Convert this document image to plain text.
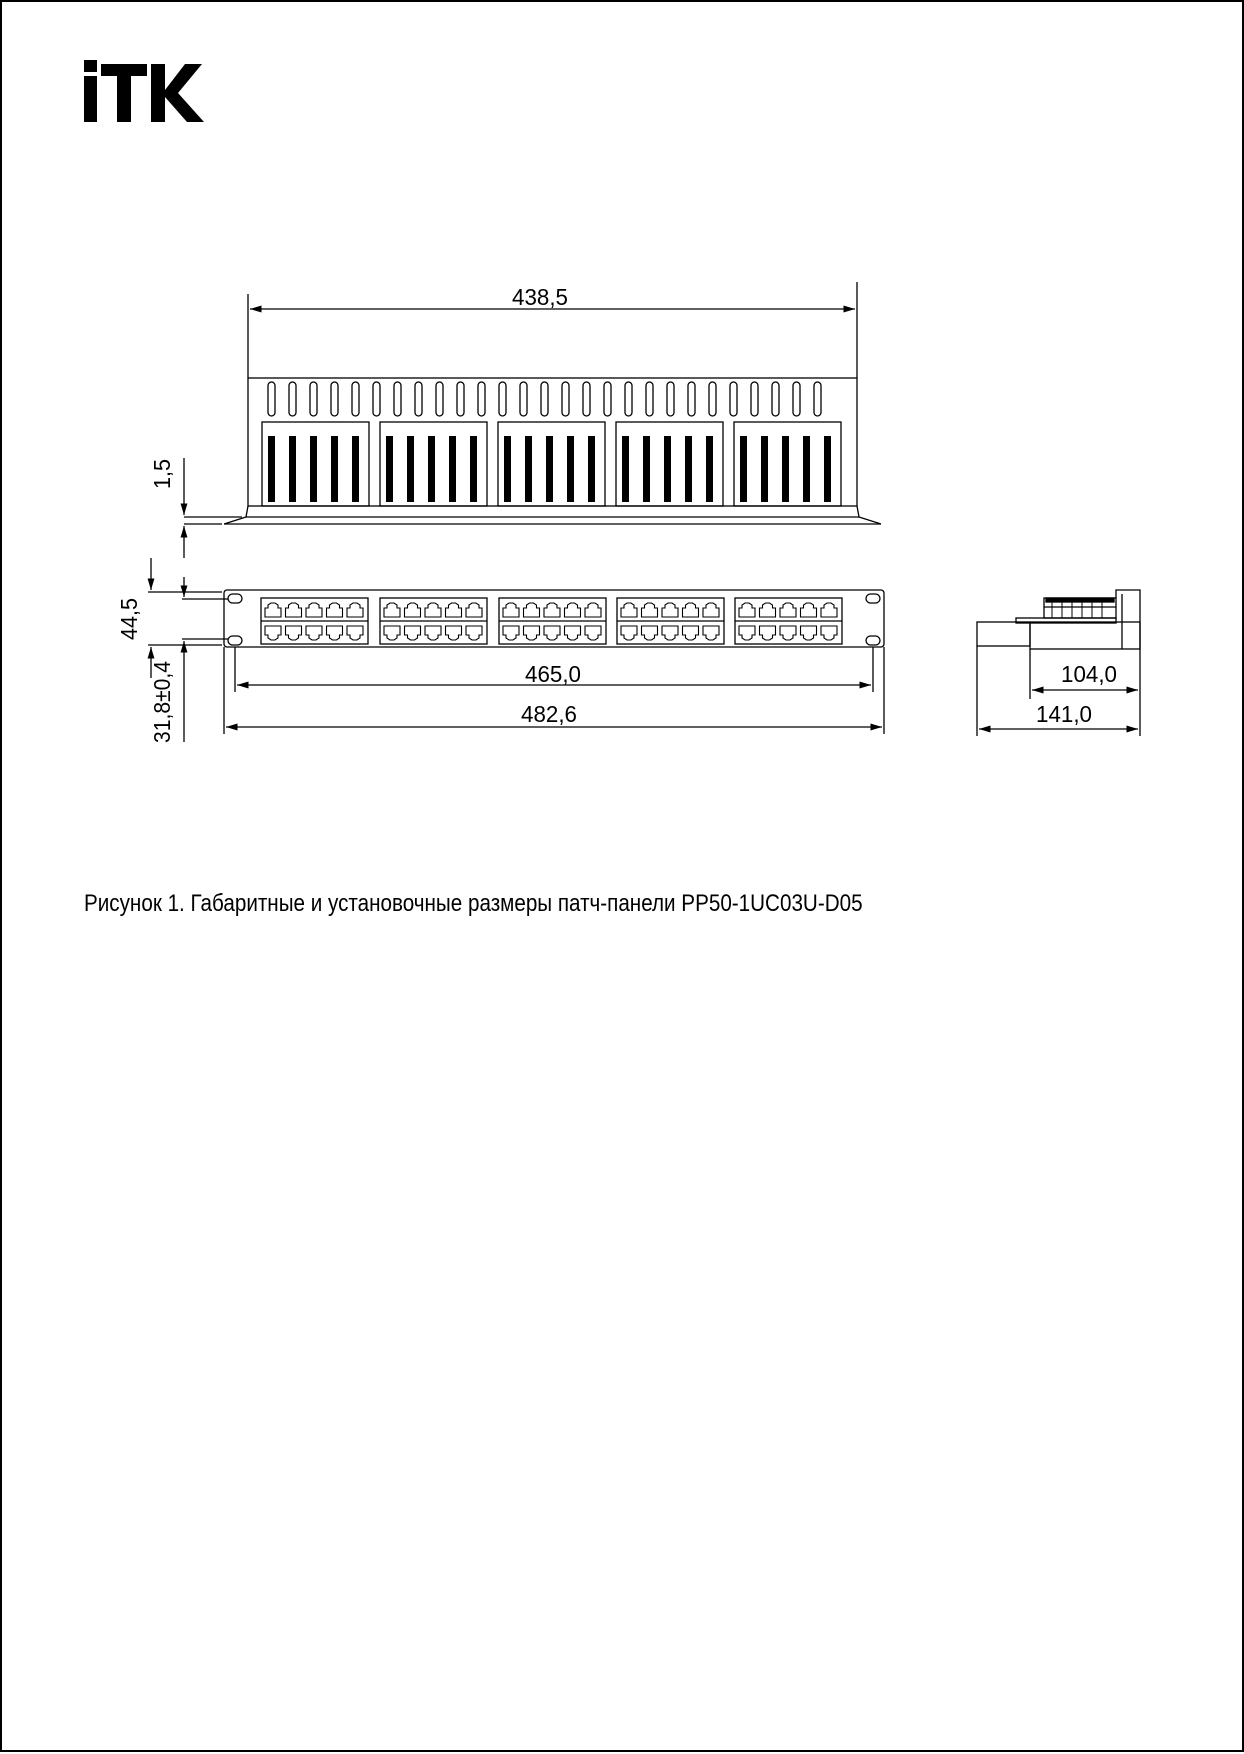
438,5
1,5
44,5
31,8±0,4	465,0
482,6
104,0
141,0
Рисунок 1. Габаритные и установочные размеры патч-панели PP50-1UC03U-D05
